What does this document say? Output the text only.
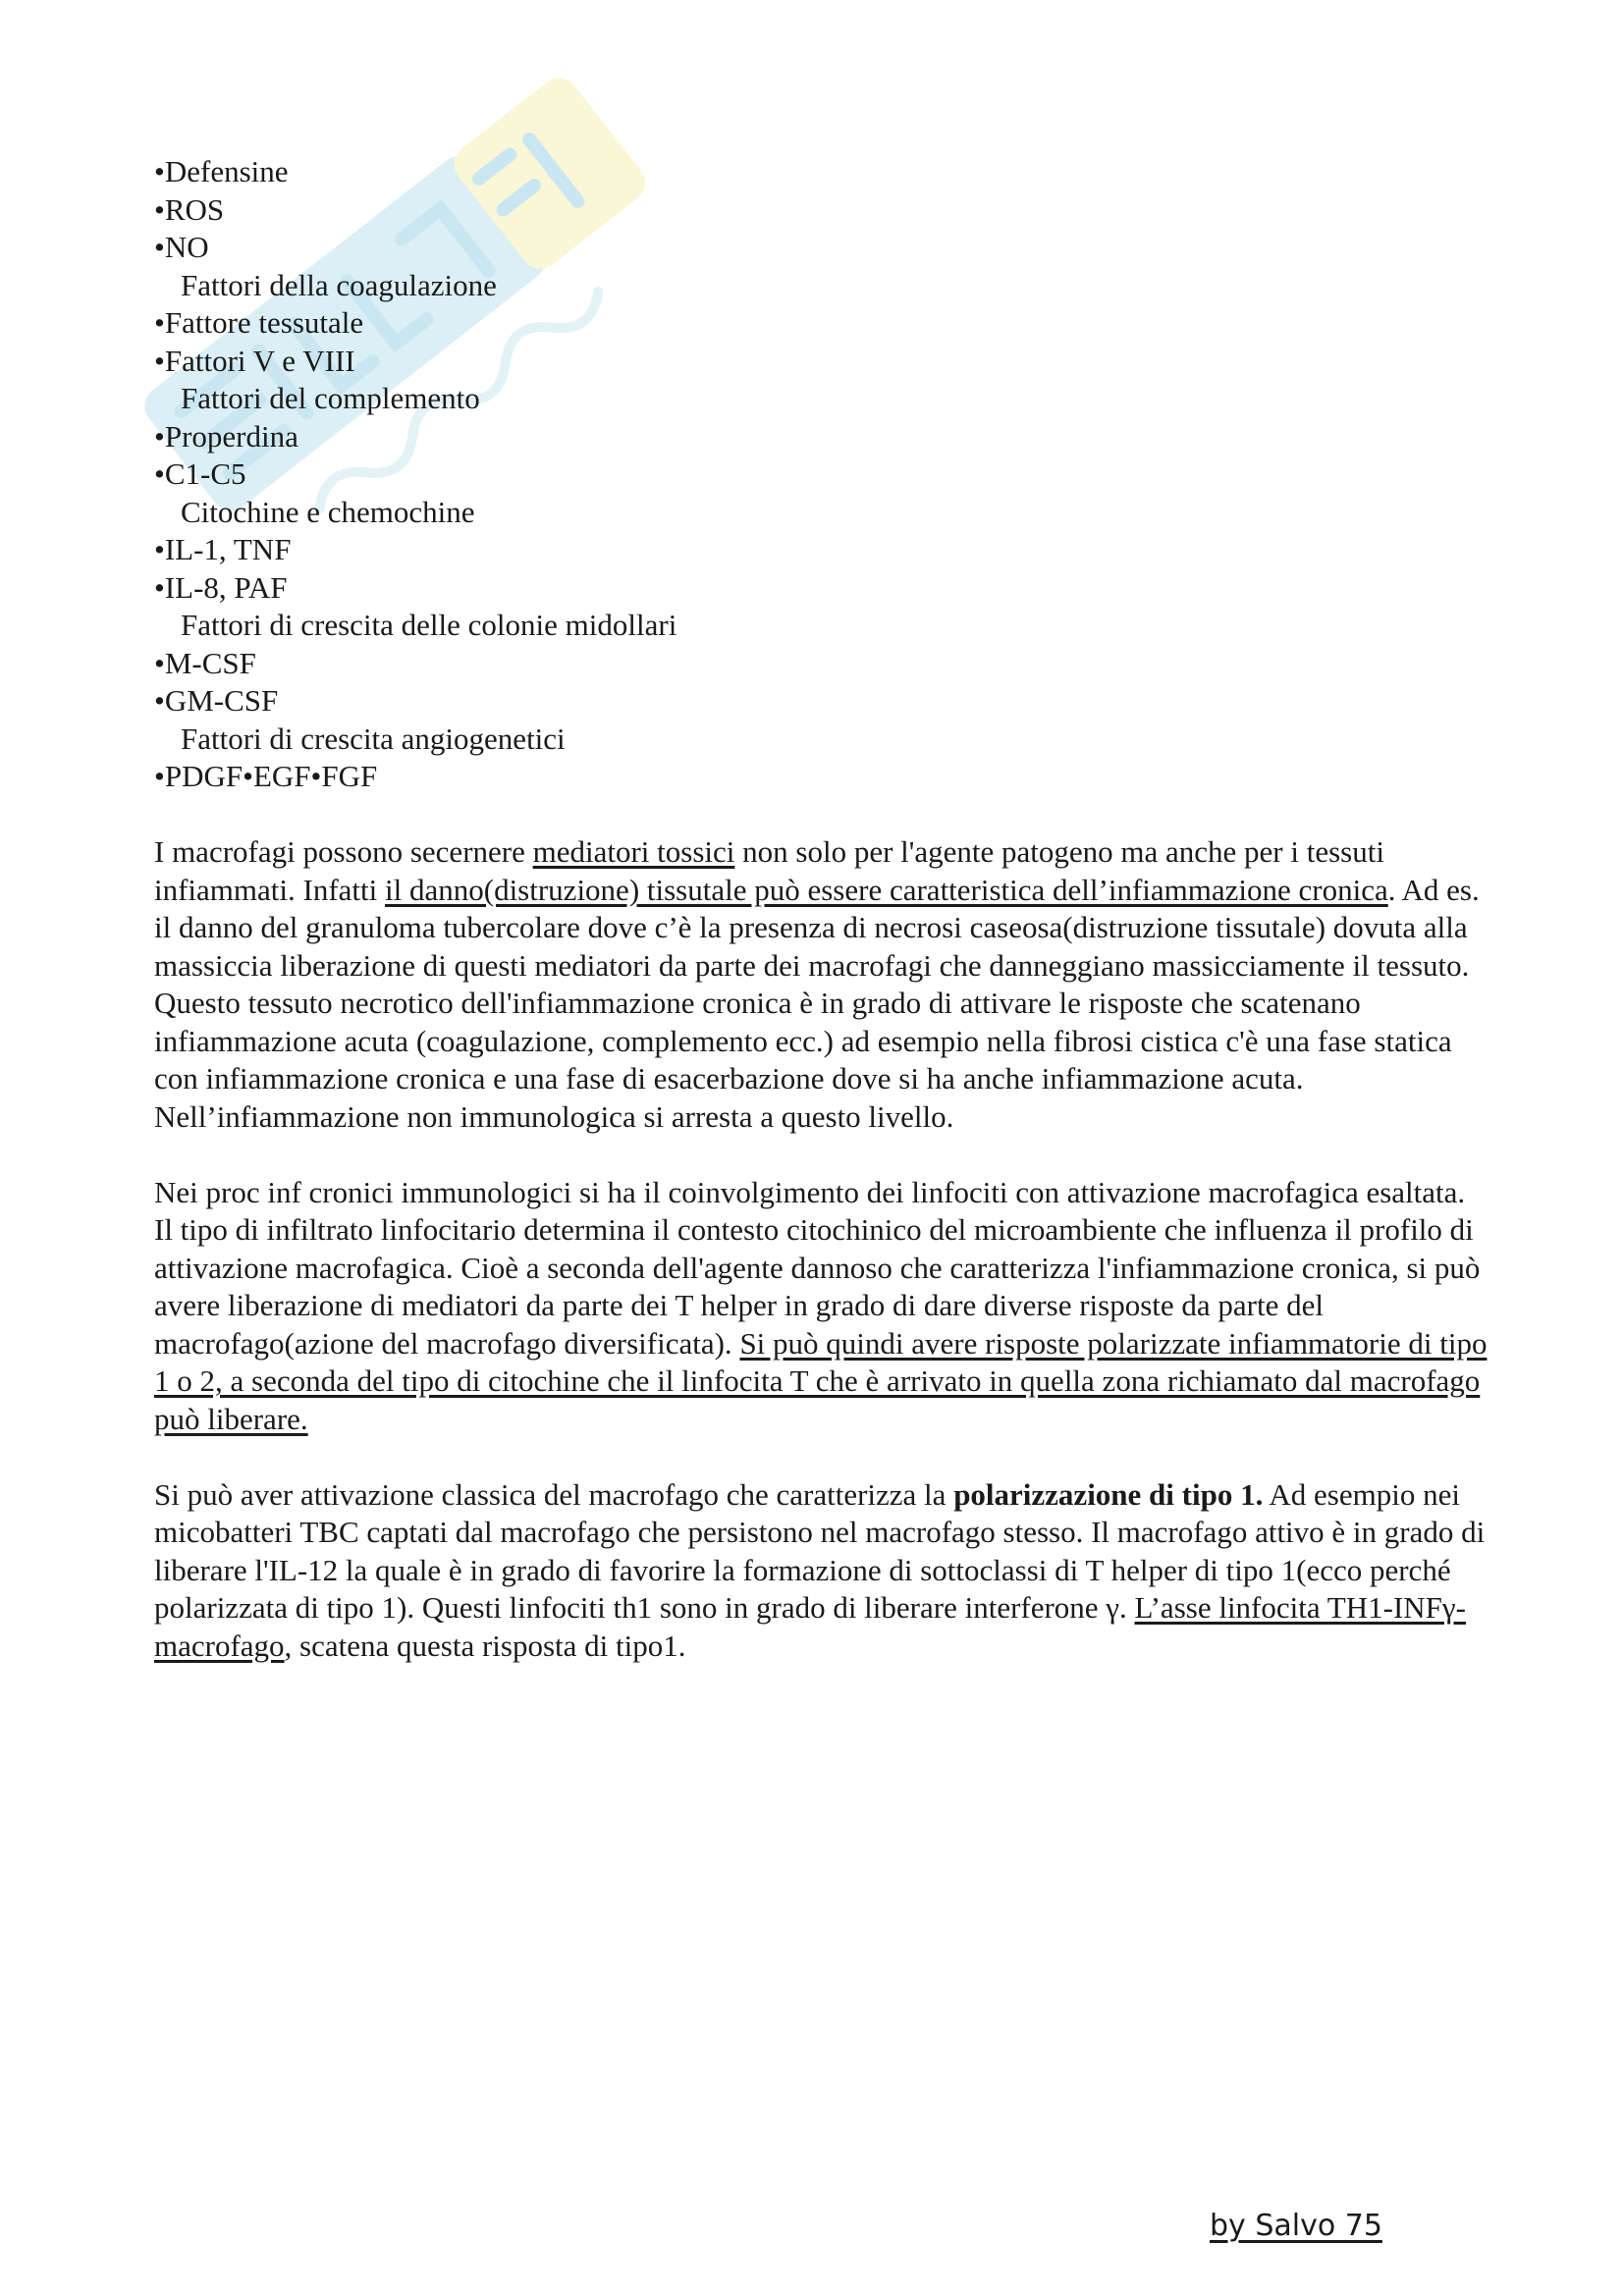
•Defensine
•ROS
•NO
Fattori della coagulazione
•Fattore tessutale
•Fattori V e VIII
Fattori del complemento
•Properdina
•C1-C5
Citochine e chemochine
•IL-1, TNF
•IL-8, PAF
Fattori di crescita delle colonie midollari
•M-CSF
•GM-CSF
Fattori di crescita angiogenetici
•PDGF•EGF•FGF

I macrofagi possono secernere mediatori tossici non solo per l'agente patogeno ma anche per i tessuti infiammati. Infatti il danno(distruzione) tissutale può essere caratteristica dell’infiammazione cronica. Ad es. il danno del granuloma tubercolare dove c’è la presenza di necrosi caseosa(distruzione tissutale) dovuta alla massiccia liberazione di questi mediatori da parte dei macrofagi che danneggiano massicciamente il tessuto.

Questo tessuto necrotico dell'infiammazione cronica è in grado di attivare le risposte che scatenano infiammazione acuta (coagulazione, complemento ecc.) ad esempio nella fibrosi cistica c'è una fase statica con infiammazione cronica e una fase di esacerbazione dove si ha anche infiammazione acuta. Nell’infiammazione non immunologica si arresta a questo livello.

Nei proc inf cronici immunologici si ha il coinvolgimento dei linfociti con attivazione macrofagica esaltata. Il tipo di infiltrato linfocitario determina il contesto citochinico del microambiente che influenza il profilo di attivazione macrofagica. Cioè a seconda dell'agente dannoso che caratterizza l'infiammazione cronica, si può avere liberazione di mediatori da parte dei T helper in grado di dare diverse risposte da parte del macrofago(azione del macrofago diversificata). Si può quindi avere risposte polarizzate infiammatorie di tipo 1 o 2, a seconda del tipo di citochine che il linfocita T che è arrivato in quella zona richiamato dal macrofago può liberare.

Si può aver attivazione classica del macrofago che caratterizza la polarizzazione di tipo 1. Ad esempio nei micobatteri TBC captati dal macrofago che persistono nel macrofago stesso. Il macrofago attivo è in grado di liberare l'IL-12 la quale è in grado di favorire la formazione di sottoclassi di T helper di tipo 1(ecco perché polarizzata di tipo 1). Questi linfociti th1 sono in grado di liberare interferone γ. L’asse linfocita TH1-INFγ- macrofago, scatena questa risposta di tipo1.

by Salvo 75
